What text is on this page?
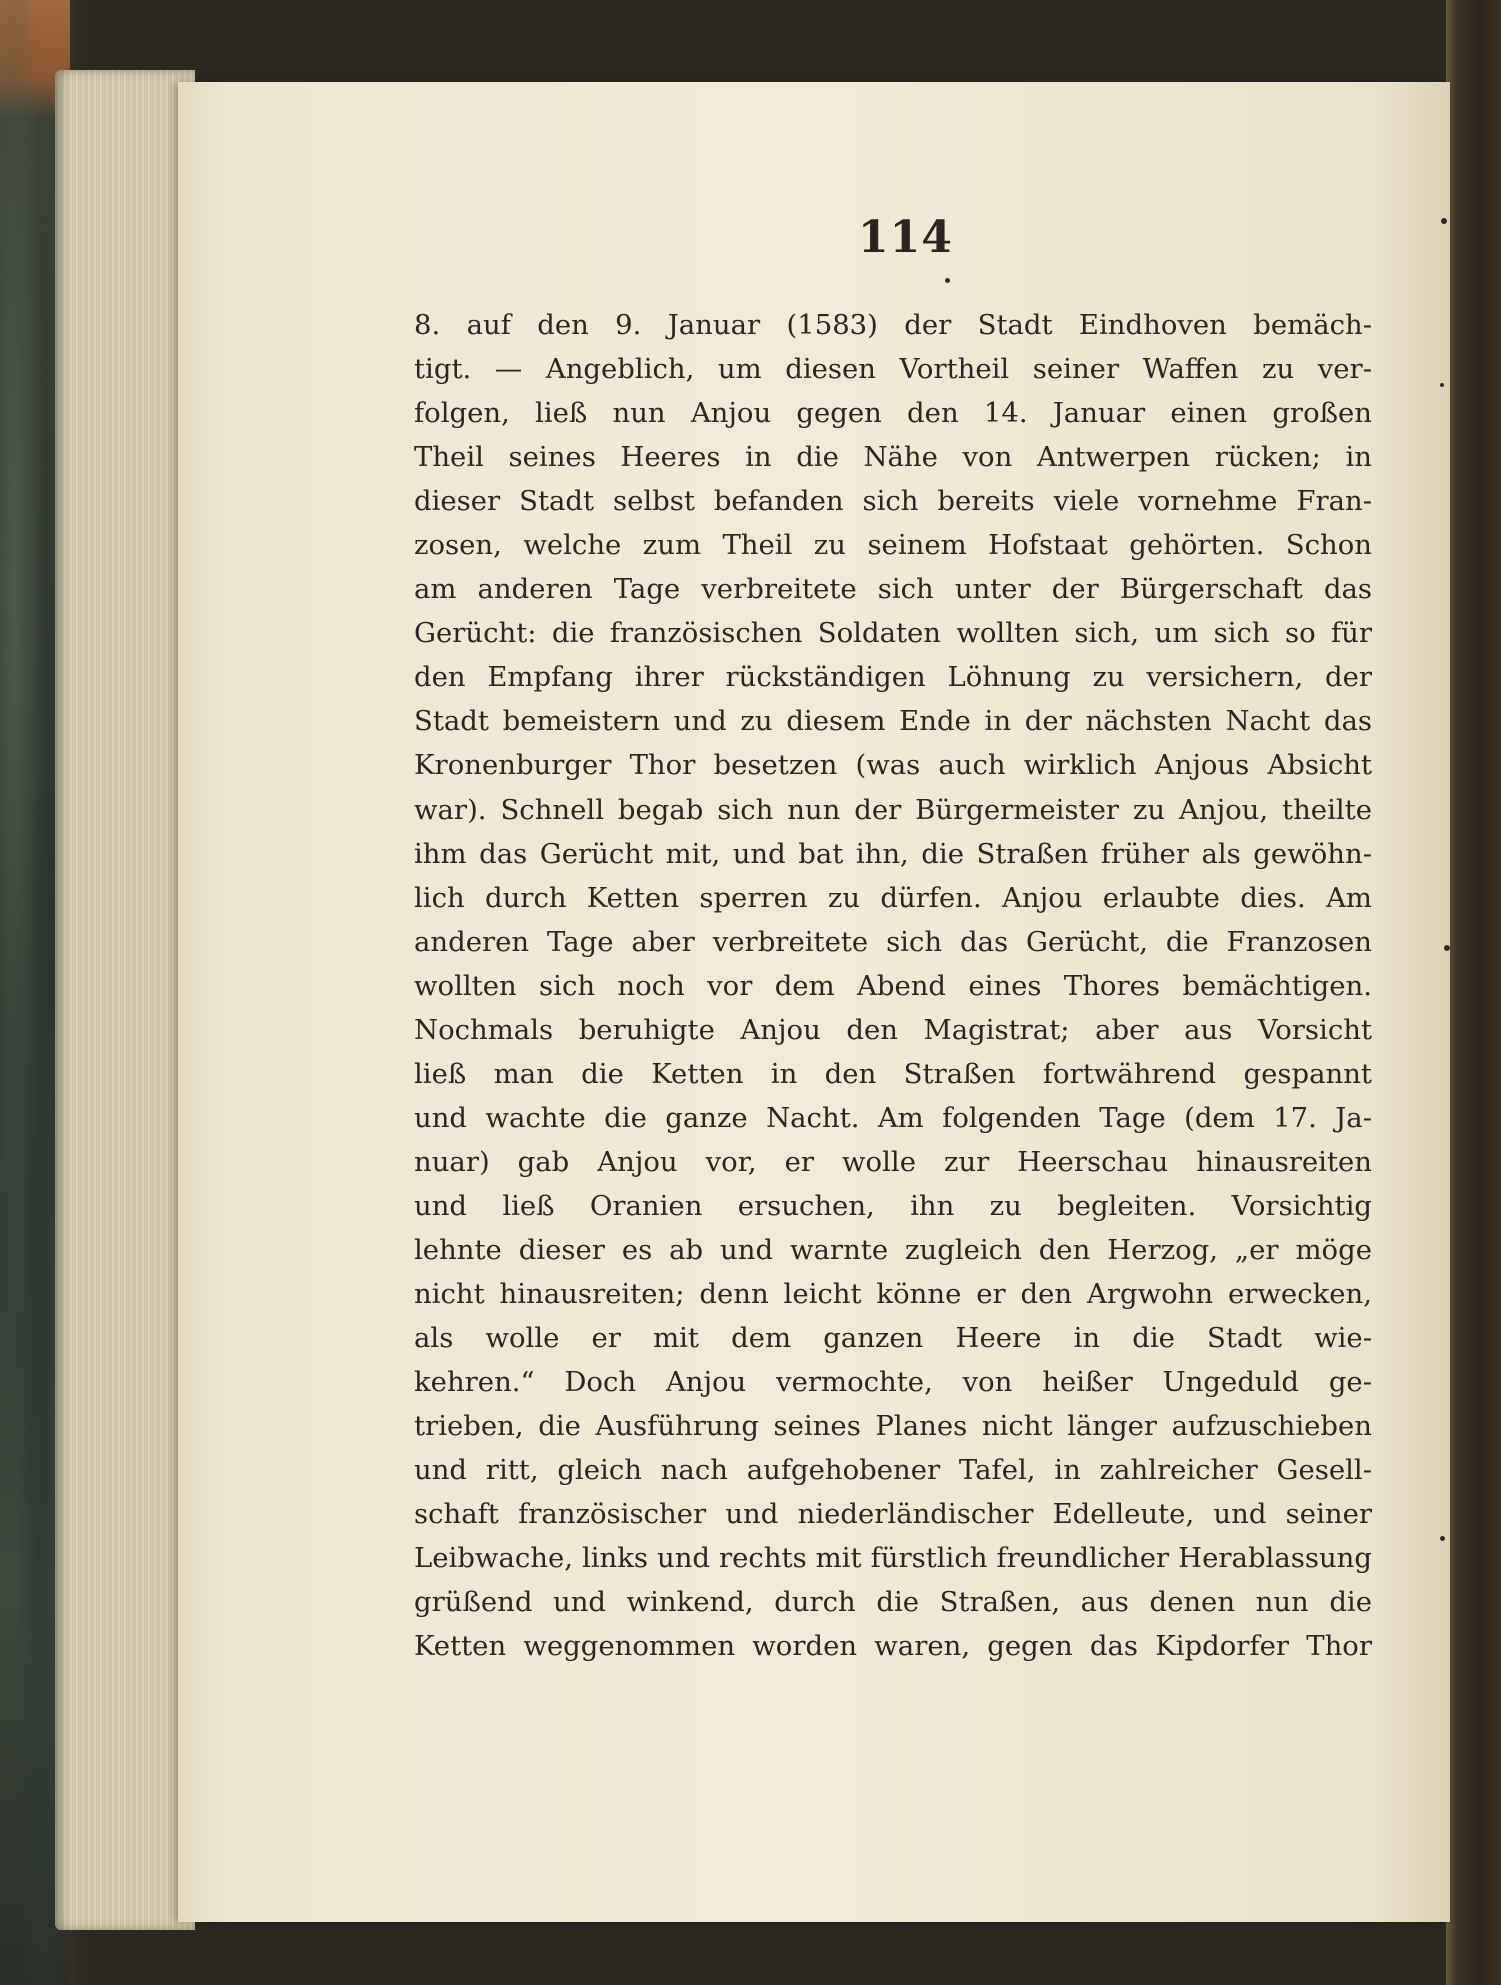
114
8. auf den 9. Januar (1583) der Stadt Eindhoven bemäch-
tigt. — Angeblich, um diesen Vortheil seiner Waffen zu ver-
folgen, ließ nun Anjou gegen den 14. Januar einen großen
Theil seines Heeres in die Nähe von Antwerpen rücken; in
dieser Stadt selbst befanden sich bereits viele vornehme Fran-
zosen, welche zum Theil zu seinem Hofstaat gehörten. Schon
am anderen Tage verbreitete sich unter der Bürgerschaft das
Gerücht: die französischen Soldaten wollten sich, um sich so für
den Empfang ihrer rückständigen Löhnung zu versichern, der
Stadt bemeistern und zu diesem Ende in der nächsten Nacht das
Kronenburger Thor besetzen (was auch wirklich Anjous Absicht
war). Schnell begab sich nun der Bürgermeister zu Anjou, theilte
ihm das Gerücht mit, und bat ihn, die Straßen früher als gewöhn-
lich durch Ketten sperren zu dürfen. Anjou erlaubte dies. Am
anderen Tage aber verbreitete sich das Gerücht, die Franzosen
wollten sich noch vor dem Abend eines Thores bemächtigen.
Nochmals beruhigte Anjou den Magistrat; aber aus Vorsicht
ließ man die Ketten in den Straßen fortwährend gespannt
und wachte die ganze Nacht. Am folgenden Tage (dem 17. Ja-
nuar) gab Anjou vor, er wolle zur Heerschau hinausreiten
und ließ Oranien ersuchen, ihn zu begleiten. Vorsichtig
lehnte dieser es ab und warnte zugleich den Herzog, „er möge
nicht hinausreiten; denn leicht könne er den Argwohn erwecken,
als wolle er mit dem ganzen Heere in die Stadt wie-
kehren.“ Doch Anjou vermochte, von heißer Ungeduld ge-
trieben, die Ausführung seines Planes nicht länger aufzuschieben
und ritt, gleich nach aufgehobener Tafel, in zahlreicher Gesell-
schaft französischer und niederländischer Edelleute, und seiner
Leibwache, links und rechts mit fürstlich freundlicher Herablassung
grüßend und winkend, durch die Straßen, aus denen nun die
Ketten weggenommen worden waren, gegen das Kipdorfer Thor
